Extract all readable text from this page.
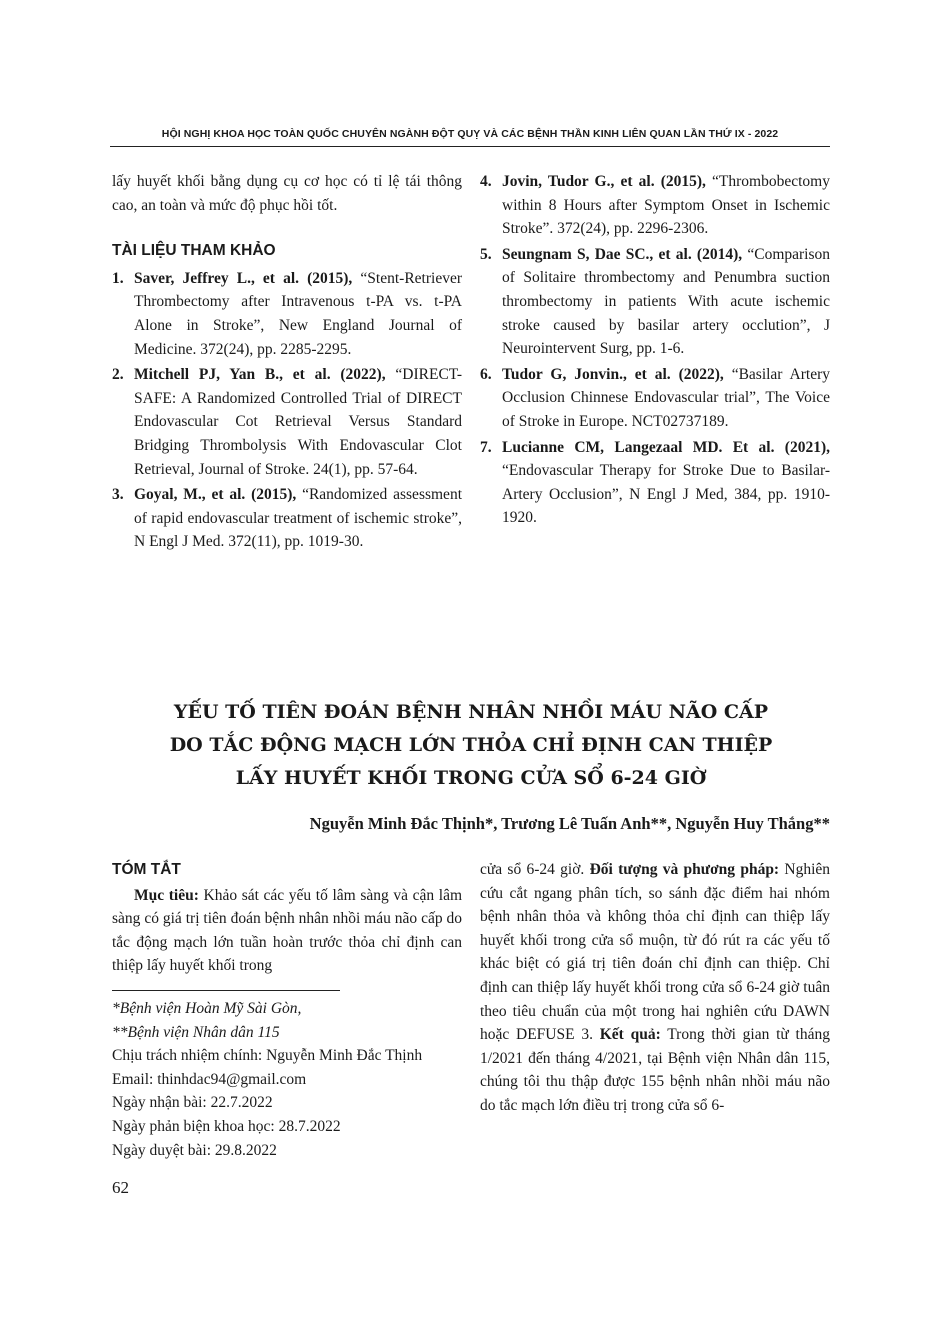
HỘI NGHỊ KHOA HỌC TOÀN QUỐC CHUYÊN NGÀNH ĐỘT QUỴ VÀ CÁC BỆNH THẦN KINH LIÊN QUAN LẦN THỨ IX - 2022

lấy huyết khối bằng dụng cụ cơ học có tỉ lệ tái thông cao, an toàn và mức độ phục hồi tốt.

TÀI LIỆU THAM KHẢO
1. Saver, Jeffrey L., et al. (2015), “Stent-Retriever Thrombectomy after Intravenous t-PA vs. t-PA Alone in Stroke”, New England Journal of Medicine. 372(24), pp. 2285-2295.
2. Mitchell PJ, Yan B., et al. (2022), “DIRECT-SAFE: A Randomized Controlled Trial of DIRECT Endovascular Cot Retrieval Versus Standard Bridging Thrombolysis With Endovascular Clot Retrieval, Journal of Stroke. 24(1), pp. 57-64.
3. Goyal, M., et al. (2015), “Randomized assessment of rapid endovascular treatment of ischemic stroke”, N Engl J Med. 372(11), pp. 1019-30.
4. Jovin, Tudor G., et al. (2015), “Thrombobectomy within 8 Hours after Symptom Onset in Ischemic Stroke”. 372(24), pp. 2296-2306.
5. Seungnam S, Dae SC., et al. (2014), “Comparison of Solitaire thrombectomy and Penumbra suction thrombectomy in patients With acute ischemic stroke caused by basilar artery occlution”, J Neurointervent Surg, pp. 1-6.
6. Tudor G, Jonvin., et al. (2022), “Basilar Artery Occlusion Chinnese Endovascular trial”, The Voice of Stroke in Europe. NCT02737189.
7. Lucianne CM, Langezaal MD. Et al. (2021), “Endovascular Therapy for Stroke Due to Basilar-Artery Occlusion”, N Engl J Med, 384, pp. 1910-1920.
YẾU TỐ TIÊN ĐOÁN BỆNH NHÂN NHỒI MÁU NÃO CẤP
DO TẮC ĐỘNG MẠCH LỚN THỎA CHỈ ĐỊNH CAN THIỆP
LẤY HUYẾT KHỐI TRONG CỬA SỔ 6-24 GIỜ
Nguyễn Minh Đắc Thịnh*, Trương Lê Tuấn Anh**, Nguyễn Huy Thắng**
TÓM TẮT

Mục tiêu: Khảo sát các yếu tố lâm sàng và cận lâm sàng có giá trị tiên đoán bệnh nhân nhồi máu não cấp do tắc động mạch lớn tuần hoàn trước thỏa chỉ định can thiệp lấy huyết khối trong

*Bệnh viện Hoàn Mỹ Sài Gòn,
**Bệnh viện Nhân dân 115
Chịu trách nhiệm chính: Nguyễn Minh Đắc Thịnh
Email: thinhdac94@gmail.com
Ngày nhận bài: 22.7.2022
Ngày phản biện khoa học: 28.7.2022
Ngày duyệt bài: 29.8.2022

cửa sổ 6-24 giờ. Đối tượng và phương pháp: Nghiên cứu cắt ngang phân tích, so sánh đặc điểm hai nhóm bệnh nhân thỏa và không thỏa chỉ định can thiệp lấy huyết khối trong cửa sổ muộn, từ đó rút ra các yếu tố khác biệt có giá trị tiên đoán chỉ định can thiệp. Chỉ định can thiệp lấy huyết khối trong cửa sổ 6-24 giờ tuân theo tiêu chuẩn của một trong hai nghiên cứu DAWN hoặc DEFUSE 3. Kết quả: Trong thời gian từ tháng 1/2021 đến tháng 4/2021, tại Bệnh viện Nhân dân 115, chúng tôi thu thập được 155 bệnh nhân nhồi máu não do tắc mạch lớn điều trị trong cửa sổ 6-

62
